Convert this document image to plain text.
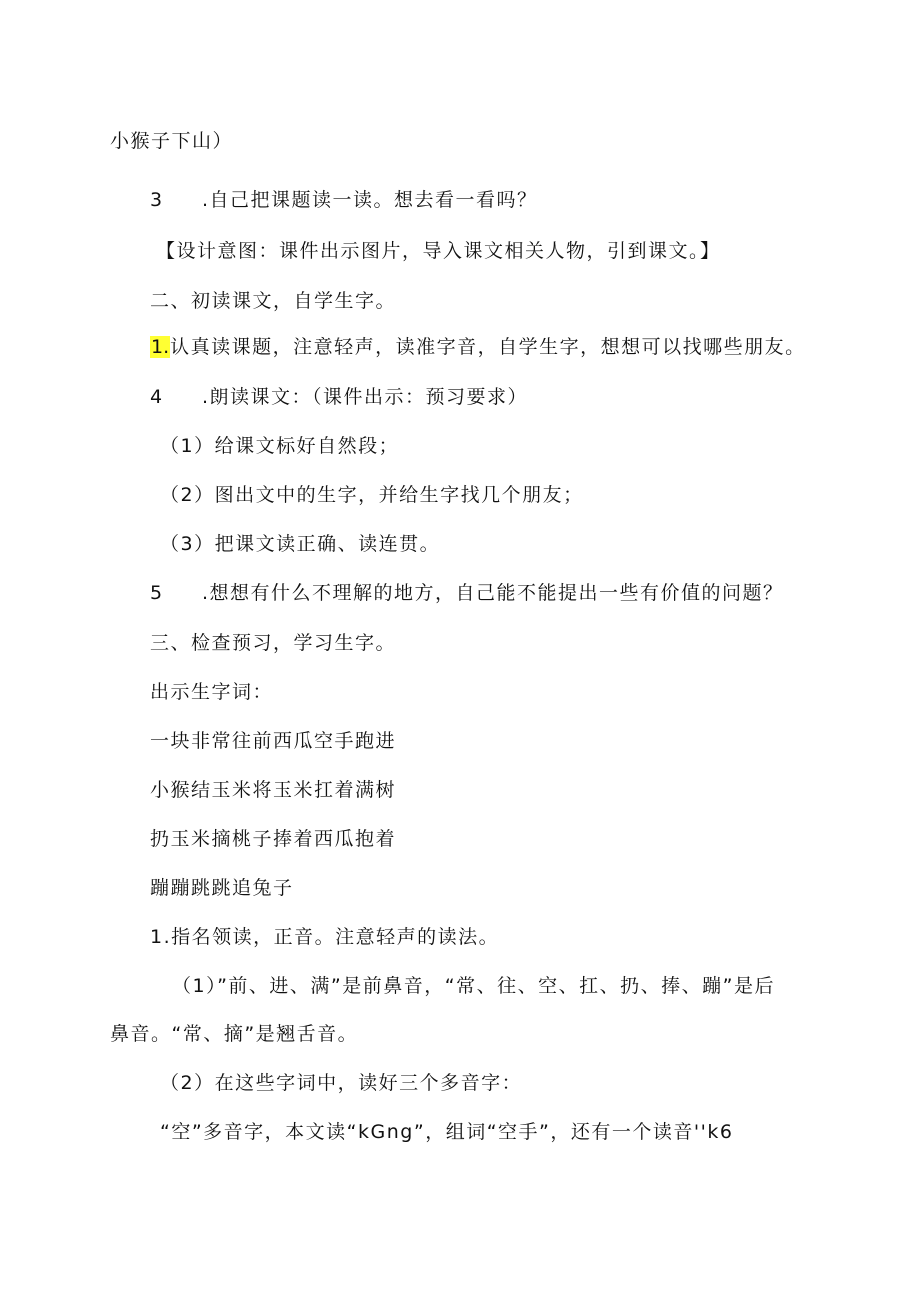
小猴子下山）
3 .自己把课题读一读。想去看一看吗？
【设计意图：课件出示图片，导入课文相关人物，引到课文。】
二、初读课文，自学生字。
1.认真读课题，注意轻声，读准字音，自学生字，想想可以找哪些朋友。
4 .朗读课文：（课件出示：预习要求）
（1）给课文标好自然段；
（2）图出文中的生字，并给生字找几个朋友；
（3）把课文读正确、读连贯。
5 .想想有什么不理解的地方，自己能不能提出一些有价值的问题？
三、检查预习，学习生字。
出示生字词：
一块非常往前西瓜空手跑进
小猴结玉米将玉米扛着满树
扔玉米摘桃子捧着西瓜抱着
蹦蹦跳跳追兔子
1.指名领读，正音。注意轻声的读法。
（1）”前、进、满”是前鼻音，“常、往、空、扛、扔、捧、蹦”是后
鼻音。“常、摘”是翘舌音。
（2）在这些字词中，读好三个多音字：
“空”多音字，本文读“kGng”，组词“空手”，还有一个读音''k6
